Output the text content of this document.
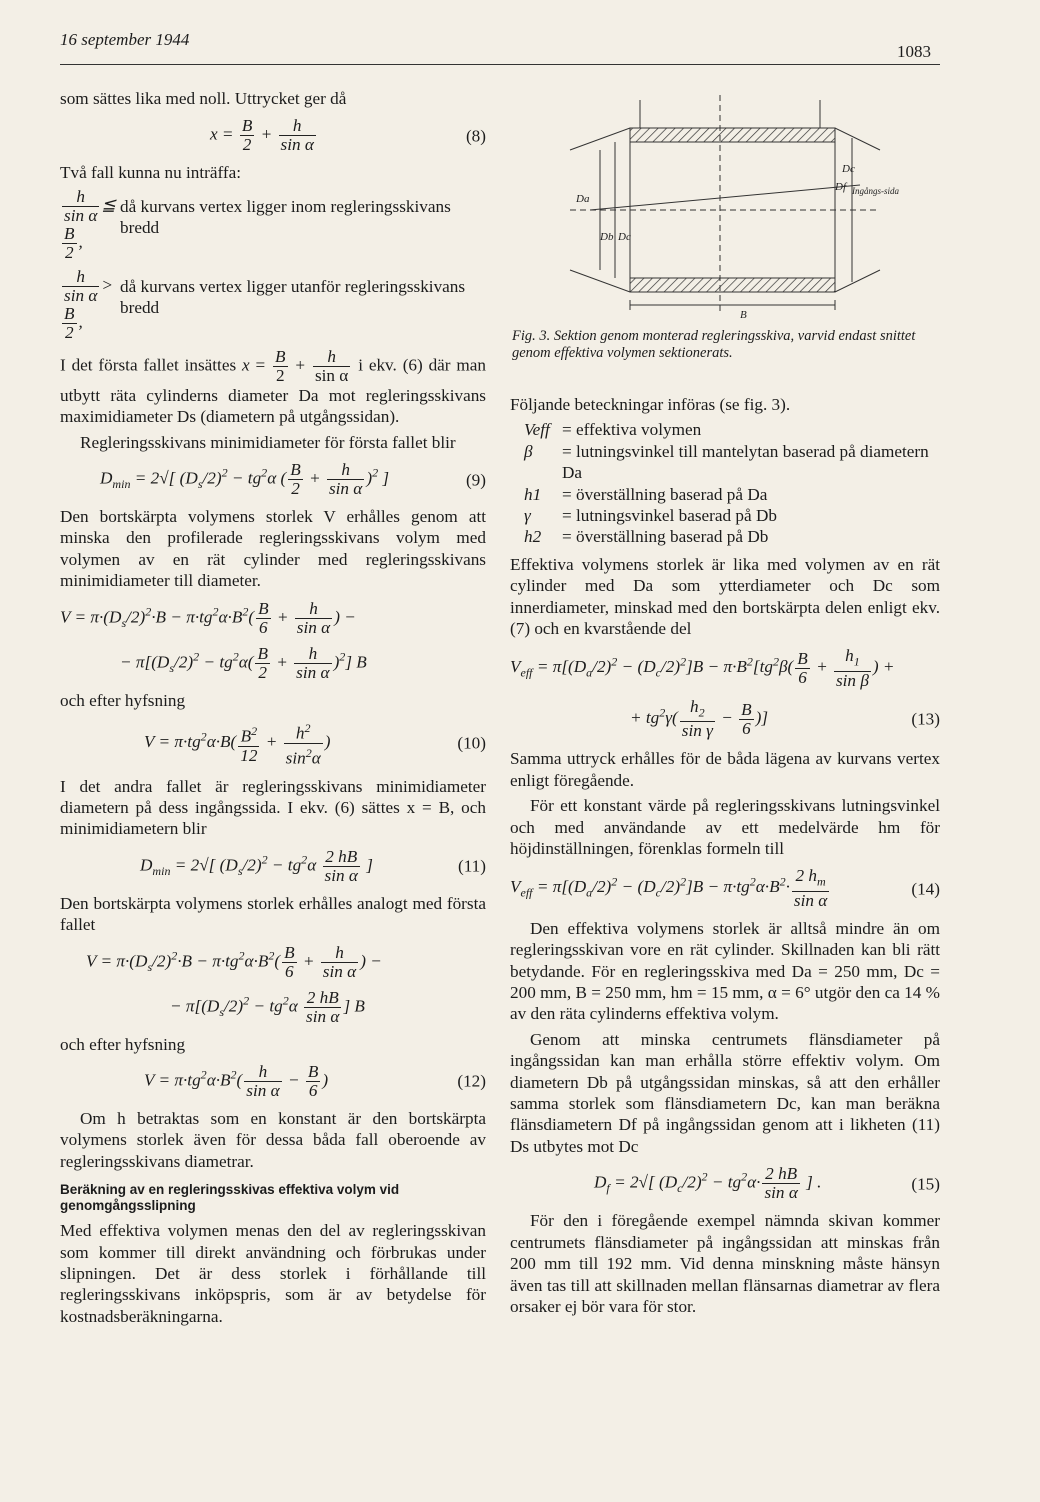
16 september 1944
1083

som sättes lika med noll. Uttrycket ger då

$x = \frac{B}{2} + \frac{h}{\text{sin α}}$	(8)

Två fall kunna nu inträffa:

$\frac{h}{\text{sin α}}$ ≦
$\frac{B}{2}$ ,
då kurvans vertex ligger inom regleringsskivans bredd
$\frac{h}{\text{sin α}}$ >
$\frac{B}{2}$ ,
då kurvans vertex ligger utanför regleringsskivans bredd

I det första fallet insättes $x = \frac{B}{2} + \frac{h}{\text{sin α}}$ i ekv. (6) där man utbytt räta cylinderns diameter Da mot regleringsskivans maximidiameter Ds (diametern på utgångssidan).

Regleringsskivans minimidiameter för första fallet blir

$D_{min} = 2√$[ $(D_s/2)^2 - tg^2\alpha$ ( $\frac{B}{2} + \frac{h}{\text{sin α}} )^2$ ]	(9)

Den bortskärpta volymens storlek V erhålles genom att minska den profilerade regleringsskivans volym med volymen av en rät cylinder med regleringsskivans minimidiameter till diameter.

$V = \pi\cdot(D_s/2)^2\cdot B - \pi\cdot tg^2\alpha\cdot B^2( \frac{B}{6} + \frac{h}{\text{sin α}}$ ) −
− $\pi[(D_s/2)^2 - tg^2\alpha( \frac{B}{2} + \frac{h}{\text{sin α}} )^2]$ B

och efter hyfsning

$V = \pi\cdot tg^2\alpha\cdot B( \frac{B^2}{12} + \frac{h^2}{\sin^2\alpha}$ )	(10)

I det andra fallet är regleringsskivans minimidiameter diametern på dess ingångssida. I ekv. (6) sättes x = B, och minimidiametern blir

$D_{min} = 2√$[ $(D_s/2)^2 - tg^2\alpha \frac{2 hB}{\text{sin α}}$ ]	(11)

Den bortskärpta volymens storlek erhålles analogt med första fallet

$V = \pi\cdot(D_s/2)^2\cdot B - \pi\cdot tg^2\alpha\cdot B^2( \frac{B}{6} + \frac{h}{\text{sin α}}$ ) −
− $\pi[(D_s/2)^2 - tg^2\alpha \frac{2 hB}{\text{sin α}}$ ] B

och efter hyfsning

$V = \pi\cdot tg^2\alpha\cdot B^2( \frac{h}{\text{sin α}} - \frac{B}{6}$ )	(12)

Om h betraktas som en konstant är den bortskärpta volymens storlek även för dessa båda fall oberoende av regleringsskivans diametrar.

Beräkning av en regleringsskivas effektiva volym vid genomgångsslipning

Med effektiva volymen menas den del av regleringsskivan som kommer till direkt användning och förbrukas under slipningen. Det är dess storlek i förhållande till regleringsskivans inköpspris, som är av betydelse för kostnadsberäkningarna.

Da
Db Dc
Dc
Df Ingångs-sida
B
Fig. 3. Sektion genom monterad regleringsskiva, varvid endast snittet genom effektiva volymen sektionerats.

Följande beteckningar införas (se fig. 3).

Veff = effektiva volymen
β	= lutningsvinkel till mantelytan baserad på diametern Da
h1	= överställning baserad på Da
γ	= lutningsvinkel baserad på Db
h2	= överställning baserad på Db

Effektiva volymens storlek är lika med volymen av en rät cylinder med Da som ytterdiameter och Dc som innerdiameter, minskad med den bortskärpta delen enligt ekv. (7) och en kvarstående del

$V_{eff} = \pi[(D_a/2)^2 - (D_c/2)^2]B - \pi\cdot B^2[tg^2\beta( \frac{B}{6} + \frac{h_1}{\text{sin β}}$ ) +
+ $tg^2\gamma( \frac{h_2}{\text{sin γ}} - \frac{B}{6}$ )]	(13)

Samma uttryck erhålles för de båda lägena av kurvans vertex enligt föregående.

För ett konstant värde på regleringsskivans lutningsvinkel och med användande av ett medelvärde hm för höjdinställningen, förenklas formeln till

$V_{eff} = \pi[(D_a/2)^2 - (D_c/2)^2]B - \pi\cdot tg^2\alpha\cdot B^2\cdot \frac{2 h_m}{\text{sin α}}$	(14)

Den effektiva volymens storlek är alltså mindre än om regleringsskivan vore en rät cylinder. Skillnaden kan bli rätt betydande. För en regleringsskiva med Da = 250 mm, Dc = 200 mm, B = 250 mm, hm = 15 mm, α = 6° utgör den ca 14 % av den räta cylinderns effektiva volym.

Genom att minska centrumets flänsdiameter på ingångssidan kan man erhålla större effektiv volym. Om diametern Db på utgångssidan minskas, så att den erhåller samma storlek som flänsdiametern Dc, kan man beräkna flänsdiametern Df på ingångssidan genom att i likheten (11) Ds utbytes mot Dc

$D_f = 2√$[ $(D_c/2)^2 - tg^2\alpha\cdot \frac{2 hB}{\text{sin α}}$ ] .	(15)

För den i föregående exempel nämnda skivan kommer centrumets flänsdiameter på ingångssidan att minskas från 200 mm till 192 mm. Vid denna minskning måste hänsyn även tas till att skillnaden mellan flänsarnas diametrar av flera orsaker ej bör vara för stor.
